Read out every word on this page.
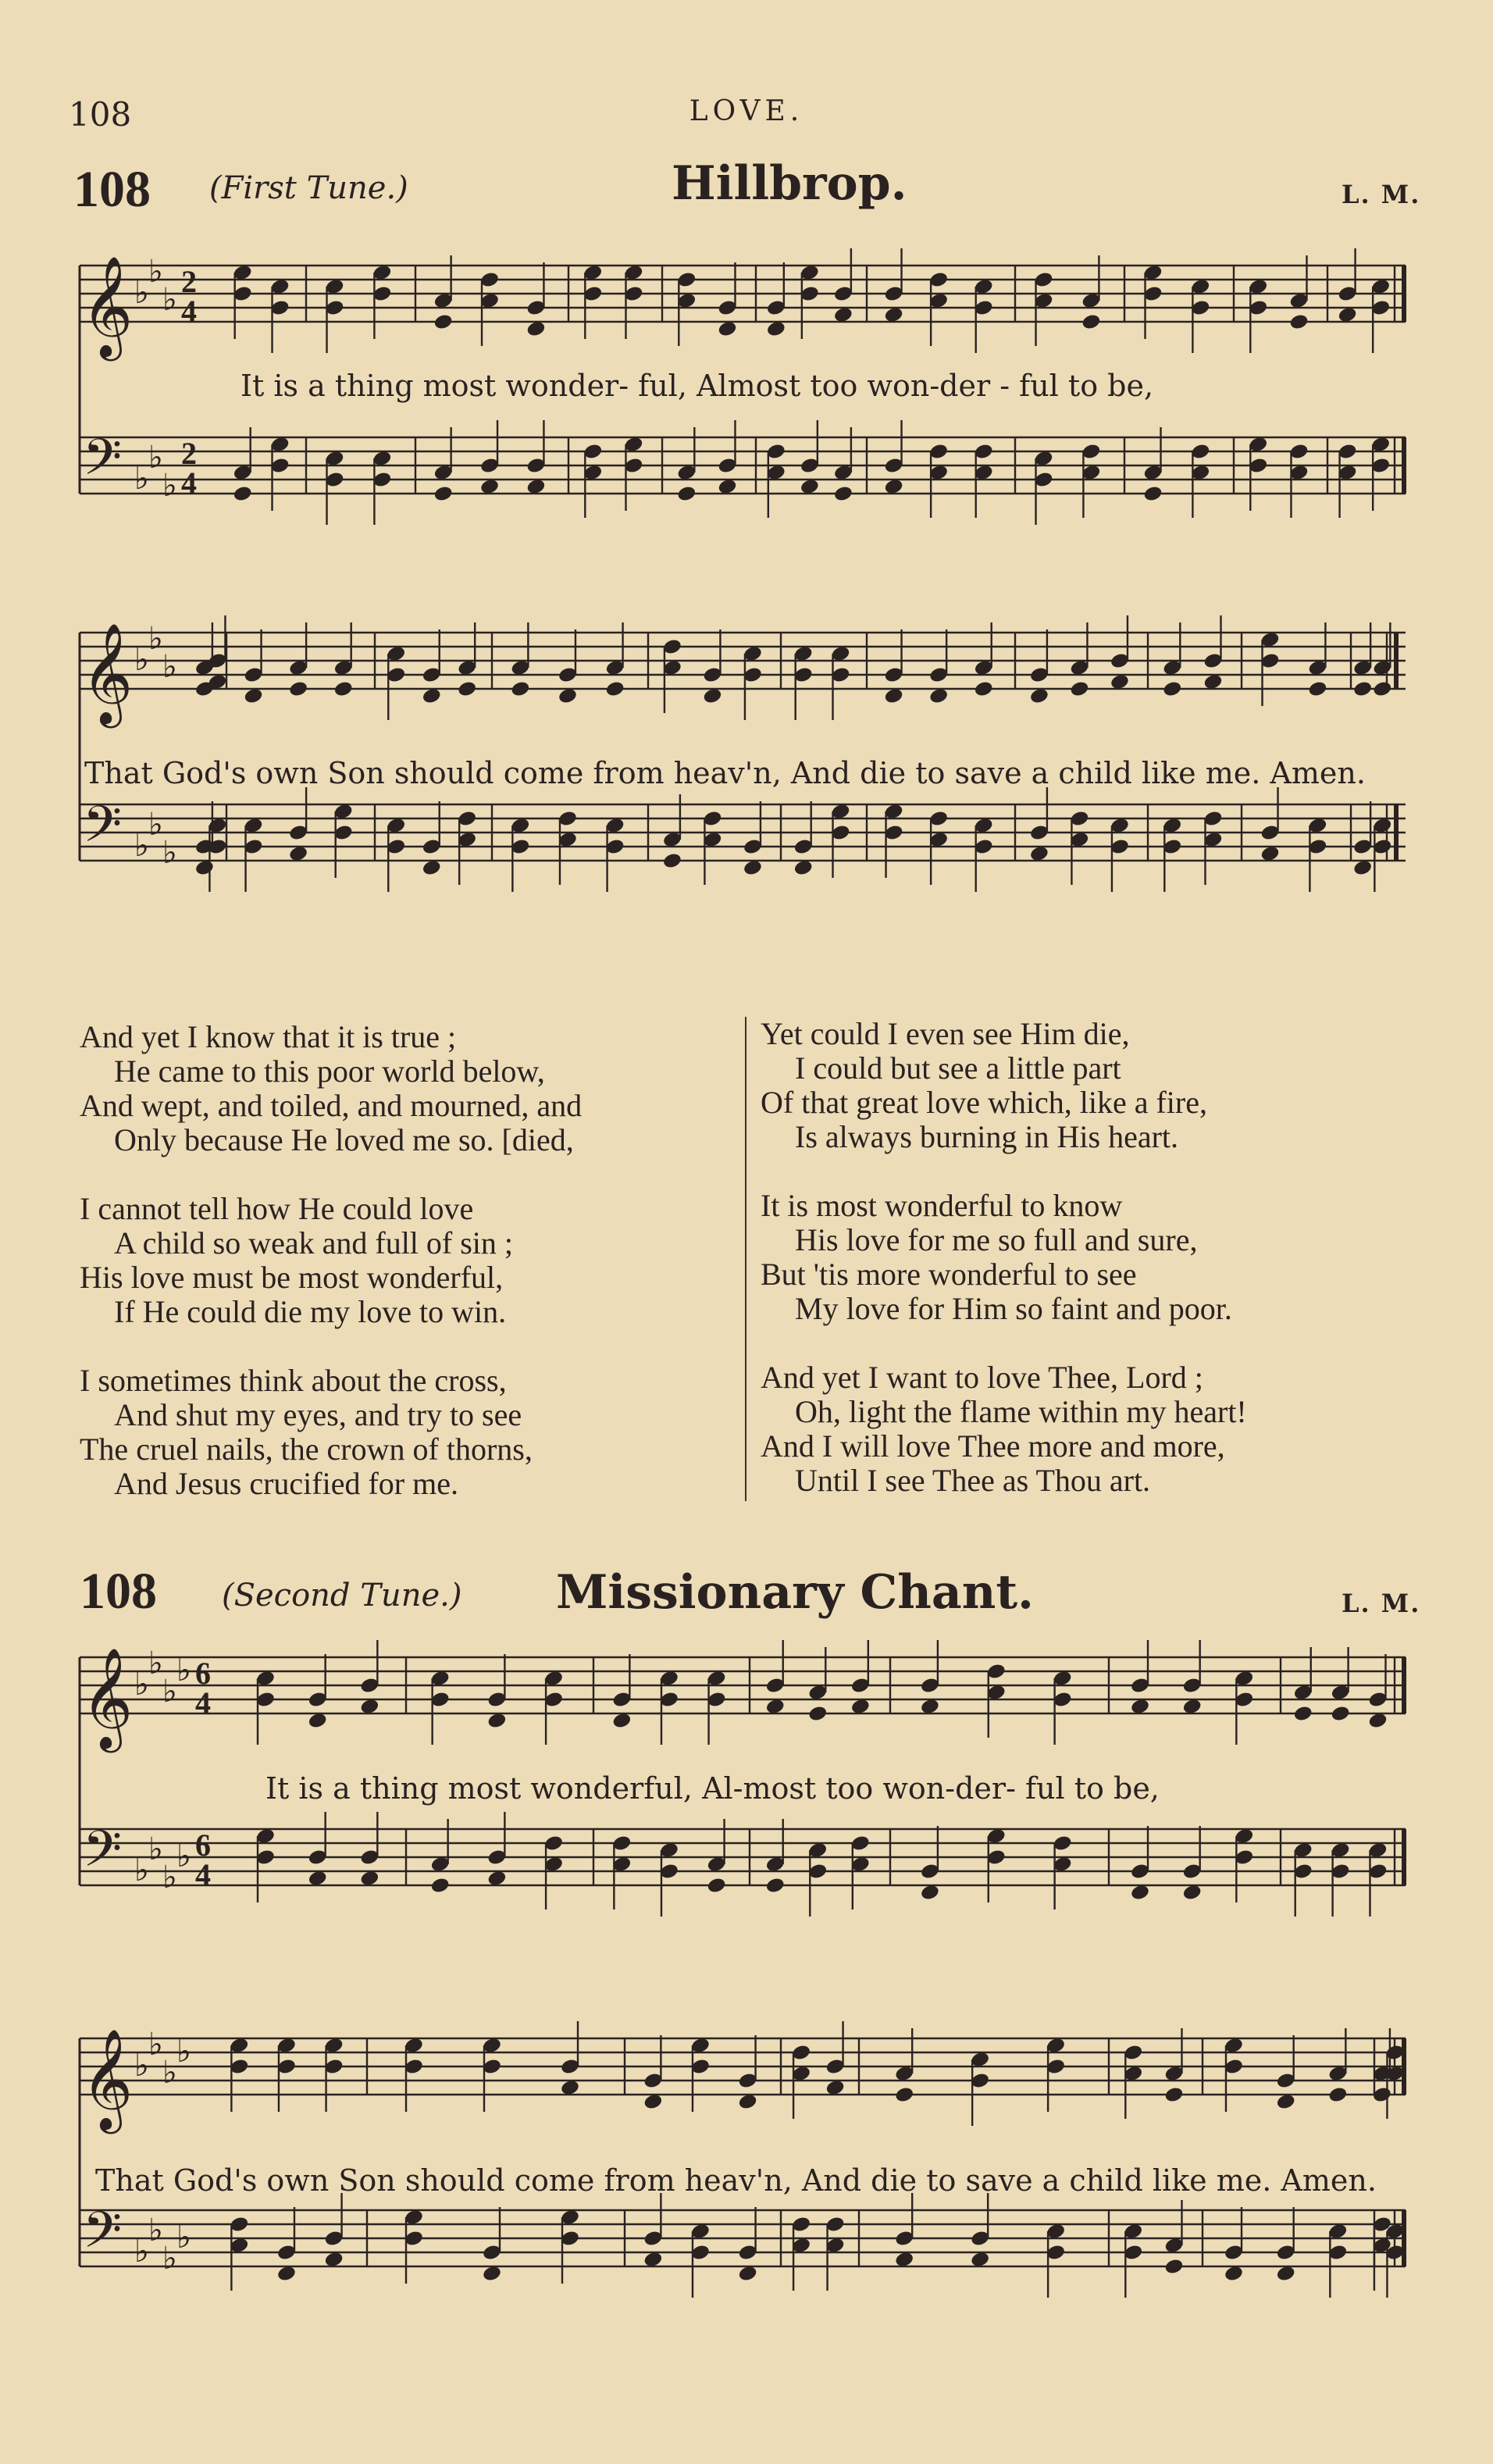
108	LOVE.
108 (First Tune.)	Hillbrop.	L. M.
𝄞 ♭
♭
♭
2
4
𝄢 ♭
♭
♭
2
4
It is a thing most wonder- ful, Almost too won-der - ful to be,
𝄞 ♭
♭
♭
𝄢 ♭
♭
♭
That God's own Son should come from heav'n, And die to save a child like me. Amen.
And yet I know that it is true ;
He came to this poor world below,
And wept, and toiled, and mourned, and
Only because He loved me so. [died,
I cannot tell how He could love
A child so weak and full of sin ;
His love must be most wonderful,
If He could die my love to win.
I sometimes think about the cross,
And shut my eyes, and try to see
The cruel nails, the crown of thorns,
And Jesus crucified for me.
Yet could I even see Him die,
I could but see a little part
Of that great love which, like a fire,
Is always burning in His heart.
It is most wonderful to know
His love for me so full and sure,
But 'tis more wonderful to see
My love for Him so faint and poor.
And yet I want to love Thee, Lord ;
Oh, light the flame within my heart!
And I will love Thee more and more,
Until I see Thee as Thou art.
108 (Second Tune.) Missionary Chant.	L. M.
𝄞 ♭
♭
♭
♭ 6
4
𝄢 ♭
♭
♭
♭ 6
4
It is a thing most wonderful, Al-most too won-der- ful to be,
𝄞 ♭
♭
♭
♭
𝄢 ♭
♭
♭
♭
That God's own Son should come from heav'n, And die to save a child like me. Amen.
